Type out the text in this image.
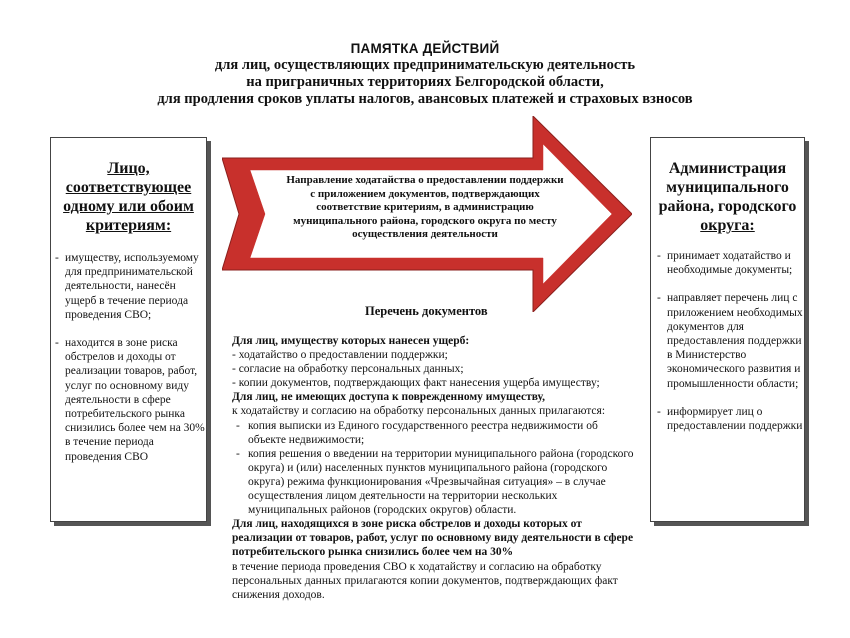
ПАМЯТКА ДЕЙСТВИЙ
для лиц, осуществляющих предпринимательскую деятельность
на приграничных территориях Белгородской области,
для продления сроков уплаты налогов, авансовых платежей и страховых взносов
Лицо, соответствующее одному или обоим критериям:
- имуществу, используемому для предпринимательской деятельности, нанесён ущерб в течение периода проведения СВО;
- находится в зоне риска обстрелов и доходы от реализации товаров, работ, услуг по основному виду деятельности в сфере потребительского рынка снизились более чем на 30% в течение периода проведения СВО
Направление ходатайства о предоставлении поддержки с приложением документов, подтверждающих соответствие критериям, в администрацию муниципального района, городского округа по месту осуществления деятельности
Администрация
муниципального
района, городского
округа:
- принимает ходатайство и необходимые документы;
- направляет перечень лиц с приложением необходимых документов для предоставления поддержки в Министерство экономического развития и промышленности области;
- информирует лиц о предоставлении поддержки
Перечень документов
Для лиц, имуществу которых нанесен ущерб:
- ходатайство о предоставлении поддержки;
- согласие на обработку персональных данных;
- копии документов, подтверждающих факт нанесения ущерба имуществу;
Для лиц, не имеющих доступа к поврежденному имуществу,
к ходатайству и согласию на обработку персональных данных прилагаются:
- копия выписки из Единого государственного реестра недвижимости об объекте недвижимости;
- копия решения о введении на территории муниципального района (городского округа) и (или) населенных пунктов муниципального района (городского округа) режима функционирования «Чрезвычайная ситуация» – в случае осуществления лицом деятельности на территории нескольких муниципальных районов (городских округов) области.
Для лиц, находящихся в зоне риска обстрелов и доходы которых от реализации от товаров, работ, услуг по основному виду деятельности в сфере потребительского рынка снизились более чем на 30%
в течение периода проведения СВО к ходатайству и согласию на обработку персональных данных прилагаются копии документов, подтверждающих факт снижения доходов.
